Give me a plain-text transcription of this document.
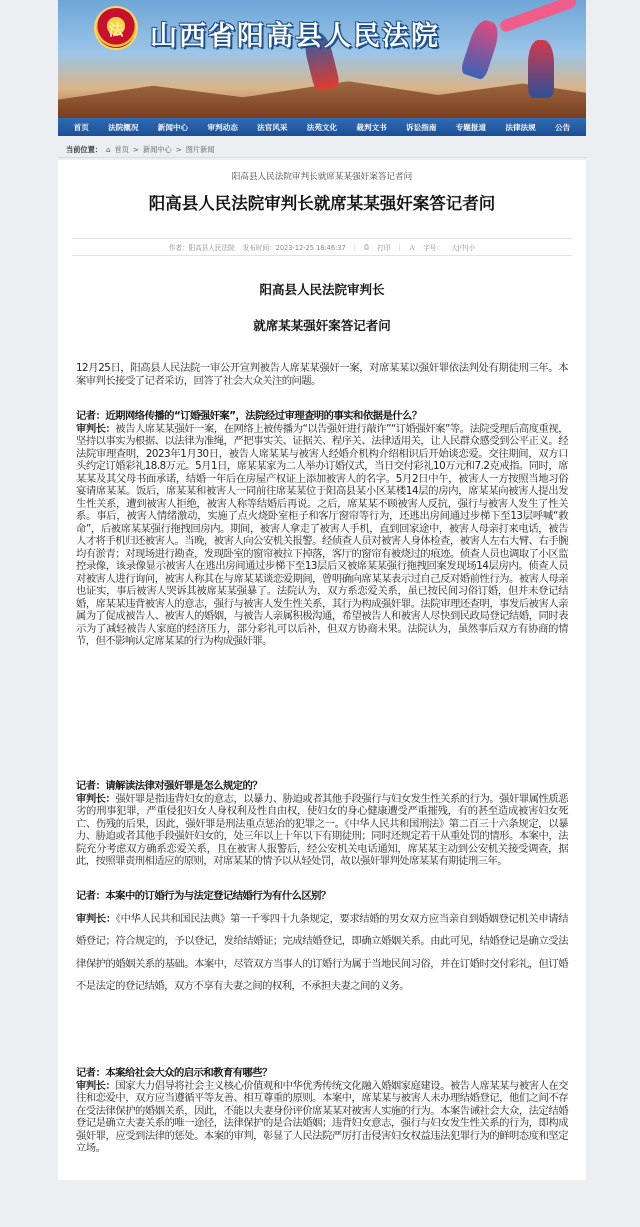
法 山西省阳高县人民法院
首页	法院概况	新闻中心	审判动态	法官风采	法苑文化	裁判文书	诉讼指南	专题报道	法律法规	公告
当前位置： ⌂ 首页 > 新闻中心 > 图片新闻
阳高县人民法院审判长就席某某强奸案答记者问
阳高县人民法院审判长就席某某强奸案答记者问
作者：阳高县人民法院 发布时间：2023-12-25 18:46:37 | ⎙ 打印 | Ａ 字号： 大|中|小
阳高县人民法院审判长
就席某某强奸案答记者问

12月25日，阳高县人民法院一审公开宣判被告人席某某强奸一案，对席某某以强奸罪依法判处有期徒刑三年。本案审判长接受了记者采访，回答了社会大众关注的问题。

记者：近期网络传播的“订婚强奸案”，法院经过审理查明的事实和依据是什么？

审判长：被告人席某某强奸一案，在网络上被传播为“以告强奸进行敲诈”“订婚强奸案”等。法院受理后高度重视，坚持以事实为根据、以法律为准绳，严把事实关、证据关、程序关、法律适用关，让人民群众感受到公平正义。经法院审理查明，2023年1月30日，被告人席某某与被害人经婚介机构介绍相识后开始谈恋爱。交往期间，双方口头约定订婚彩礼18.8万元。5月1日，席某某家为二人举办订婚仪式，当日交付彩礼10万元和7.2克戒指。同时，席某某及其父母书面承诺，结婚一年后在房屋产权证上添加被害人的名字。5月2日中午，被害人一方按照当地习俗宴请席某某。饭后，席某某和被害人一同前往席某某位于阳高县某小区某楼14层的房内，席某某向被害人提出发生性关系，遭到被害人拒绝，被害人称等结婚后再说。之后，席某某不顾被害人反抗，强行与被害人发生了性关系。事后，被害人情绪激动，实施了点火烧卧室柜子和客厅窗帘等行为，还逃出房间通过步梯下至13层呼喊“救命”，后被席某某强行拖拽回房内。期间，被害人拿走了被害人手机，直到回家途中，被害人母亲打来电话，被告人才将手机归还被害人。当晚，被害人向公安机关报警。经侦查人员对被害人身体检查，被害人左右大臂、右手腕均有淤青；对现场进行勘查，发现卧室的窗帘被拉下掉落，客厅的窗帘有被烧过的痕迹。侦查人员也调取了小区监控录像，该录像显示被害人在逃出房间通过步梯下至13层后又被席某某强行拖拽回案发现场14层房内。侦查人员对被害人进行询问，被害人称其在与席某某谈恋爱期间，曾明确向席某某表示过自己反对婚前性行为。被害人母亲也证实，事后被害人哭诉其被席某某强暴了。法院认为，双方系恋爱关系，虽已按民间习俗订婚，但并未登记结婚，席某某违背被害人的意志，强行与被害人发生性关系，其行为构成强奸罪。法院审理还查明，事发后被害人亲属为了促成被告人、被害人的婚姻，与被告人亲属积极沟通，希望被告人和被害人尽快到民政局登记结婚，同时表示为了减轻被告人家庭的经济压力，部分彩礼可以后补，但双方协商未果。法院认为，虽然事后双方有协商的情节，但不影响认定席某某的行为构成强奸罪。

记者：请解读法律对强奸罪是怎么规定的？

审判长：强奸罪是指违背妇女的意志，以暴力、胁迫或者其他手段强行与妇女发生性关系的行为。强奸罪属性质恶劣的刑事犯罪，严重侵犯妇女人身权利及性自由权，使妇女的身心健康遭受严重摧残，有的甚至造成被害妇女死亡、伤残的后果，因此，强奸罪是刑法重点惩治的犯罪之一。《中华人民共和国刑法》第二百三十六条规定，以暴力、胁迫或者其他手段强奸妇女的，处三年以上十年以下有期徒刑；同时还规定若干从重处罚的情形。本案中，法院充分考虑双方确系恋爱关系，且在被害人报警后，经公安机关电话通知，席某某主动到公安机关接受调查，据此，按照罪责刑相适应的原则，对席某某的情予以从轻处罚，故以强奸罪判处席某某有期徒刑三年。

记者：本案中的订婚行为与法定登记结婚行为有什么区别？

审判长：《中华人民共和国民法典》第一千零四十九条规定，要求结婚的男女双方应当亲自到婚姻登记机关申请结婚登记；符合规定的，予以登记，发给结婚证；完成结婚登记，即确立婚姻关系。由此可见，结婚登记是确立受法律保护的婚姻关系的基础。本案中，尽管双方当事人的订婚行为属于当地民间习俗，并在订婚时交付彩礼，但订婚不是法定的登记结婚，双方不享有夫妻之间的权利，不承担夫妻之间的义务。

记者：本案给社会大众的启示和教育有哪些？

审判长：国家大力倡导将社会主义核心价值观和中华优秀传统文化融入婚姻家庭建设。被告人席某某与被害人在交往和恋爱中，双方应当遵循平等友善、相互尊重的原则。本案中，席某某与被害人未办理结婚登记，他们之间不存在受法律保护的婚姻关系，因此，不能以夫妻身份评价席某某对被害人实施的行为。本案告诫社会大众，法定结婚登记是确立夫妻关系的唯一途径，法律保护的是合法婚姻；违背妇女意志，强行与妇女发生性关系的行为，即构成强奸罪，应受到法律的惩处。本案的审判，彰显了人民法院严厉打击侵害妇女权益违法犯罪行为的鲜明态度和坚定立场。
